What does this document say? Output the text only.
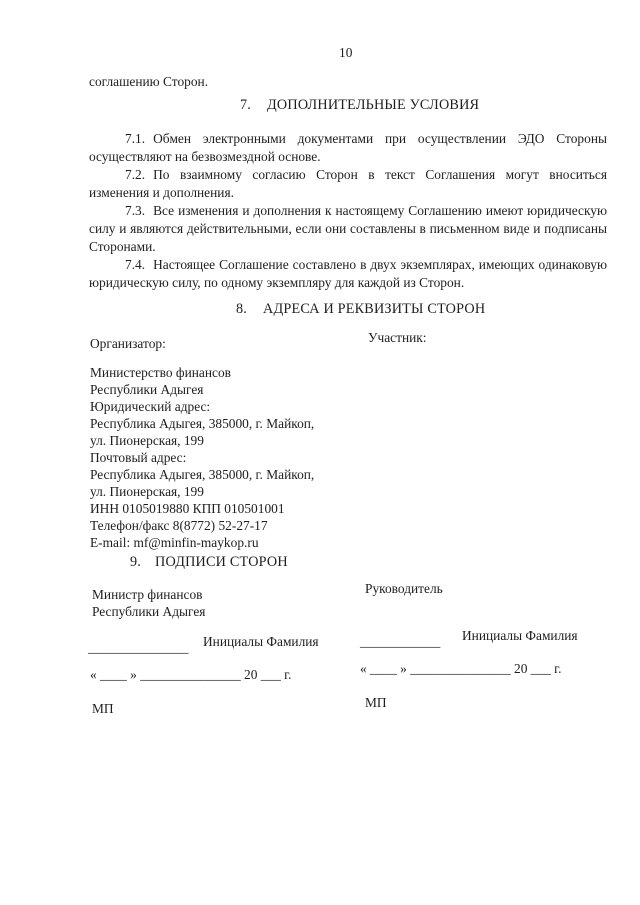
10
соглашению Сторон.
7. ДОПОЛНИТЕЛЬНЫЕ УСЛОВИЯ
7.1. Обмен электронными документами при осуществлении ЭДО Стороны осуществляют на безвозмездной основе.
7.2. По взаимному согласию Сторон в текст Соглашения могут вноситься изменения и дополнения.
7.3. Все изменения и дополнения к настоящему Соглашению имеют юридическую силу и являются действительными, если они составлены в письменном виде и подписаны Сторонами.
7.4. Настоящее Соглашение составлено в двух экземплярах, имеющих одинаковую юридическую силу, по одному экземпляру для каждой из Сторон.
8. АДРЕСА И РЕКВИЗИТЫ СТОРОН
Организатор:	Участник:
Министерство финансов
Республики Адыгея
Юридический адрес:
Республика Адыгея, 385000, г. Майкоп,
ул. Пионерская, 199
Почтовый адрес:
Республика Адыгея, 385000, г. Майкоп,
ул. Пионерская, 199
ИНН 0105019880 КПП 010501001
Телефон/факс 8(8772) 52-27-17
E-mail: mf@minfin-maykop.ru
9. ПОДПИСИ СТОРОН
Министр финансов
Республики Адыгея
_______________ Инициалы Фамилия
« ____ » _______________ 20 ___ г.
МП
Руководитель
____________ Инициалы Фамилия
« ____ » _______________ 20 ___ г.
МП
